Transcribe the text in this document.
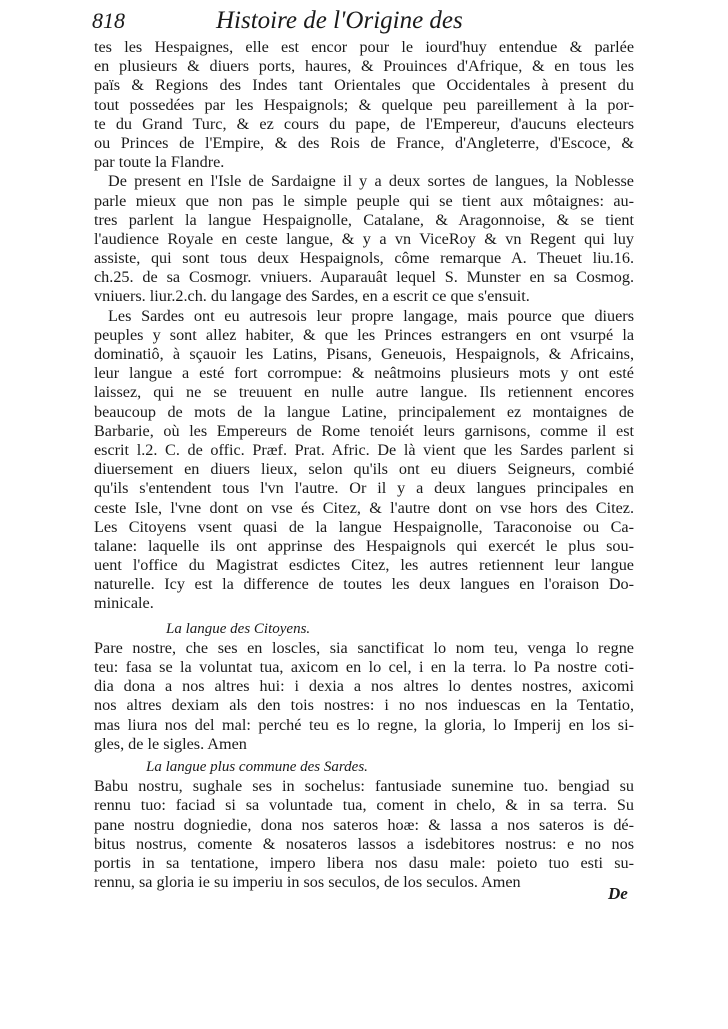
818	Histoire de l'Origine des
tes les Hespaignes, elle est encor pour le iourd'huy entendue & parlée
en plusieurs & diuers ports, haures, & Prouinces d'Afrique, & en tous les
païs & Regions des Indes tant Orientales que Occidentales à present du
tout possedées par les Hespaignols; & quelque peu pareillement à la por-
te du Grand Turc, & ez cours du pape, de l'Empereur, d'aucuns electeurs
ou Princes de l'Empire, & des Rois de France, d'Angleterre, d'Escoce, &
par toute la Flandre.
De present en l'Isle de Sardaigne il y a deux sortes de langues, la Noblesse
parle mieux que non pas le simple peuple qui se tient aux môtaignes: au-
tres parlent la langue Hespaignolle, Catalane, & Aragonnoise, & se tient
l'audience Royale en ceste langue, & y a vn ViceRoy & vn Regent qui luy
assiste, qui sont tous deux Hespaignols, côme remarque A. Theuet liu.16.
ch.25. de sa Cosmogr. vniuers. Auparauât lequel S. Munster en sa Cosmog.
vniuers. liur.2.ch. du langage des Sardes, en a escrit ce que s'ensuit.
Les Sardes ont eu autresois leur propre langage, mais pource que diuers
peuples y sont allez habiter, & que les Princes estrangers en ont vsurpé la
dominatiô, à sçauoir les Latins, Pisans, Geneuois, Hespaignols, & Africains,
leur langue a esté fort corrompue: & neâtmoins plusieurs mots y ont esté
laissez, qui ne se treuuent en nulle autre langue. Ils retiennent encores
beaucoup de mots de la langue Latine, principalement ez montaignes de
Barbarie, où les Empereurs de Rome tenoiét leurs garnisons, comme il est
escrit l.2. C. de offic. Præf. Prat. Afric. De là vient que les Sardes parlent si
diuersement en diuers lieux, selon qu'ils ont eu diuers Seigneurs, combié
qu'ils s'entendent tous l'vn l'autre. Or il y a deux langues principales en
ceste Isle, l'vne dont on vse és Citez, & l'autre dont on vse hors des Citez.
Les Citoyens vsent quasi de la langue Hespaignolle, Taraconoise ou Ca-
talane: laquelle ils ont apprinse des Hespaignols qui exercét le plus sou-
uent l'office du Magistrat esdictes Citez, les autres retiennent leur langue
naturelle. Icy est la difference de toutes les deux langues en l'oraison Do-
minicale.
La langue des Citoyens.
Pare nostre, che ses en loscles, sia sanctificat lo nom teu, venga lo regne
teu: fasa se la voluntat tua, axicom en lo cel, i en la terra. lo Pa nostre coti-
dia dona a nos altres hui: i dexia a nos altres lo dentes nostres, axicomi
nos altres dexiam als den tois nostres: i no nos induescas en la Tentatio,
mas liura nos del mal: perché teu es lo regne, la gloria, lo Imperij en los si-
gles, de le sigles. Amen
La langue plus commune des Sardes.
Babu nostru, sughale ses in sochelus: fantusiade sunemine tuo. bengiad su
rennu tuo: faciad si sa voluntade tua, coment in chelo, & in sa terra. Su
pane nostru dogniedie, dona nos sateros hoæ: & lassa a nos sateros is dé-
bitus nostrus, comente & nosateros lassos a isdebitores nostrus: e no nos
portis in sa tentatione, impero libera nos dasu male: poieto tuo esti su-
rennu, sa gloria ie su imperiu in sos seculos, de los seculos. Amen
De
